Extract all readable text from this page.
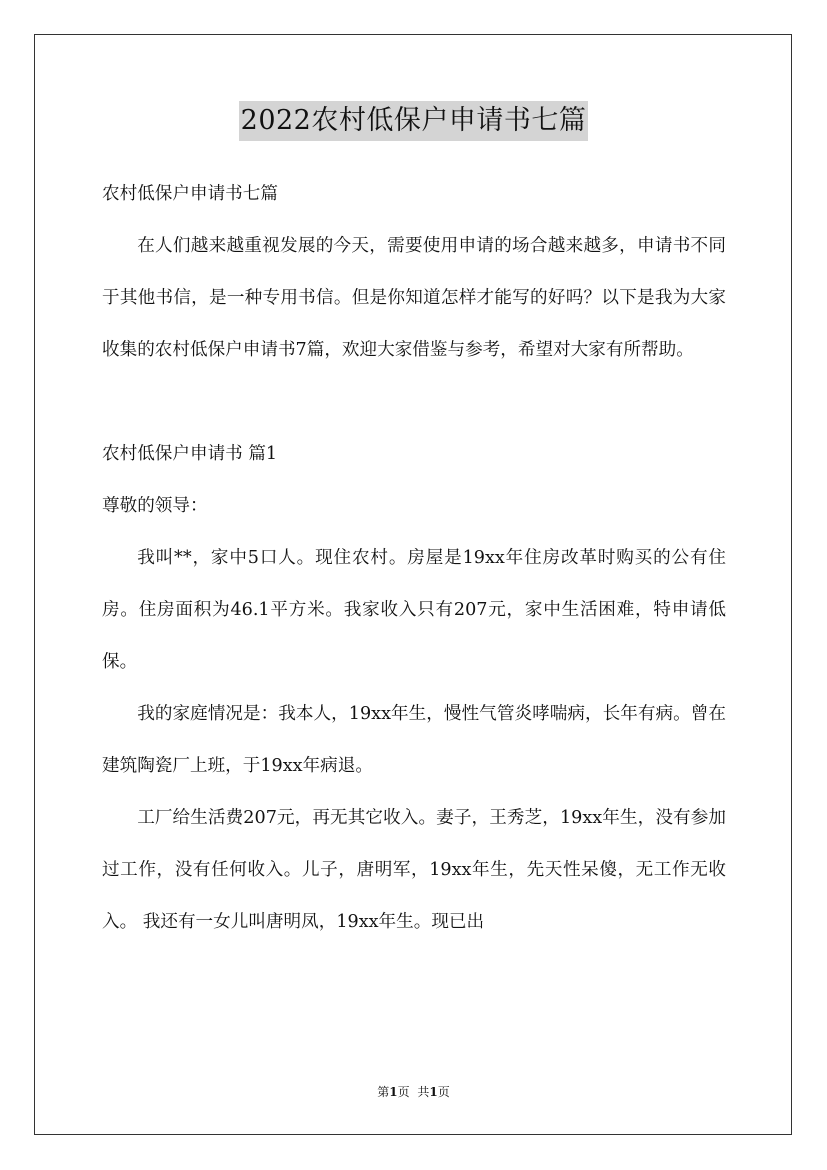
2022农村低保户申请书七篇

农村低保户申请书七篇

在人们越来越重视发展的今天，需要使用申请的场合越来越多，申请书不同于其他书信，是一种专用书信。但是你知道怎样才能写的好吗？以下是我为大家收集的农村低保户申请书7篇，欢迎大家借鉴与参考，希望对大家有所帮助。

农村低保户申请书 篇1

尊敬的领导：

我叫**，家中5口人。现住农村。房屋是19xx年住房改革时购买的公有住房。住房面积为46.1平方米。我家收入只有207元，家中生活困难，特申请低保。

我的家庭情况是：我本人，19xx年生，慢性气管炎哮喘病，长年有病。曾在建筑陶瓷厂上班，于19xx年病退。

工厂给生活费207元，再无其它收入。妻子，王秀芝，19xx年生，没有参加过工作，没有任何收入。儿子，唐明军，19xx年生，先天性呆傻，无工作无收入。 我还有一女儿叫唐明凤，19xx年生。现已出

第1页 共1页
